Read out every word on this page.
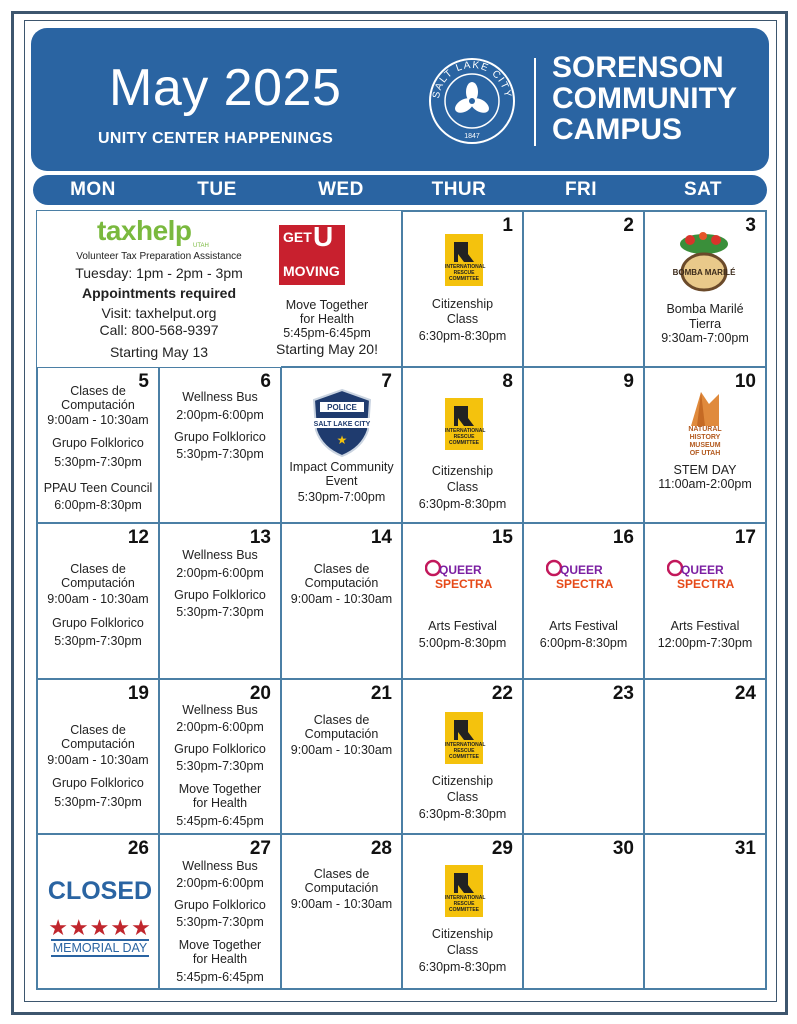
May 2025
UNITY CENTER HAPPENINGS
SALT LAKE CITY
1847
SORENSON
COMMUNITY
CAMPUS
MON	TUE	WED	THUR	FRI	SAT
taxhelp UTAH
Volunteer Tax Preparation Assistance
Tuesday: 1pm - 2pm - 3pm
Appointments required
Visit: taxhelput.org
Call: 800-568-9397
Starting May 13
GET U
MOVING
Move Together
for Health
5:45pm-6:45pm
Starting May 20!
1
INTERNATIONAL
RESCUE
COMMITTEE
Citizenship
Class
6:30pm-8:30pm
2	3
BOMBA MARILÉ
Bomba Marilé
Tierra
9:30am-7:00pm
5
Clases de
Computación
9:00am - 10:30am
Grupo Folklorico
5:30pm-7:30pm
PPAU Teen Council
6:00pm-8:30pm
6
Wellness Bus
2:00pm-6:00pm
Grupo Folklorico
5:30pm-7:30pm
7
POLICE
SALT LAKE CITY
★
Impact Community
Event
5:30pm-7:00pm
8
INTERNATIONAL
RESCUE
COMMITTEE
Citizenship
Class
6:30pm-8:30pm
9	10
NATURAL
HISTORY
MUSEUM
OF UTAH
STEM DAY
11:00am-2:00pm
12
Clases de
Computación
9:00am - 10:30am
Grupo Folklorico
5:30pm-7:30pm
13
Wellness Bus
2:00pm-6:00pm
Grupo Folklorico
5:30pm-7:30pm
14
Clases de
Computación
9:00am - 10:30am
15
QUEER
SPECTRA
Arts Festival
5:00pm-8:30pm
16
QUEER
SPECTRA
Arts Festival
6:00pm-8:30pm
17
QUEER
SPECTRA
Arts Festival
12:00pm-7:30pm
19
Clases de
Computación
9:00am - 10:30am
Grupo Folklorico
5:30pm-7:30pm
20
Wellness Bus
2:00pm-6:00pm
Grupo Folklorico
5:30pm-7:30pm
Move Together
for Health
5:45pm-6:45pm
21
Clases de
Computación
9:00am - 10:30am
22
INTERNATIONAL
RESCUE
COMMITTEE
Citizenship
Class
6:30pm-8:30pm
23	24
26
CLOSED
★★★★★
MEMORIAL DAY
27
Wellness Bus
2:00pm-6:00pm
Grupo Folklorico
5:30pm-7:30pm
Move Together
for Health
5:45pm-6:45pm
28
Clases de
Computación
9:00am - 10:30am
29
INTERNATIONAL
RESCUE
COMMITTEE
Citizenship
Class
6:30pm-8:30pm
30	31
